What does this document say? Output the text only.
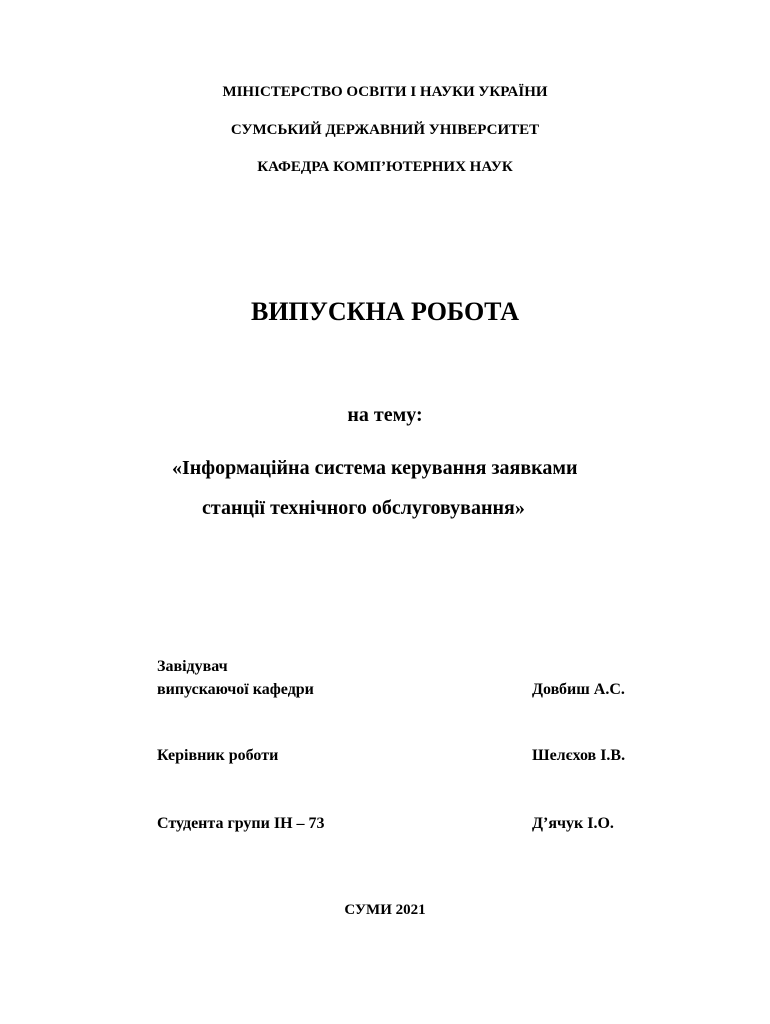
МІНІСТЕРСТВО ОСВІТИ І НАУКИ УКРАЇНИ
СУМСЬКИЙ ДЕРЖАВНИЙ УНІВЕРСИТЕТ
КАФЕДРА КОМП’ЮТЕРНИХ НАУК
ВИПУСКНА РОБОТА
на тему:
«Інформаційна система керування заявками
станції технічного обслуговування»
Завідувач
випускаючої кафедри	Довбиш А.С.
Керівник роботи	Шелєхов І.В.
Студента групи ІН – 73	Д’ячук І.О.
СУМИ 2021
